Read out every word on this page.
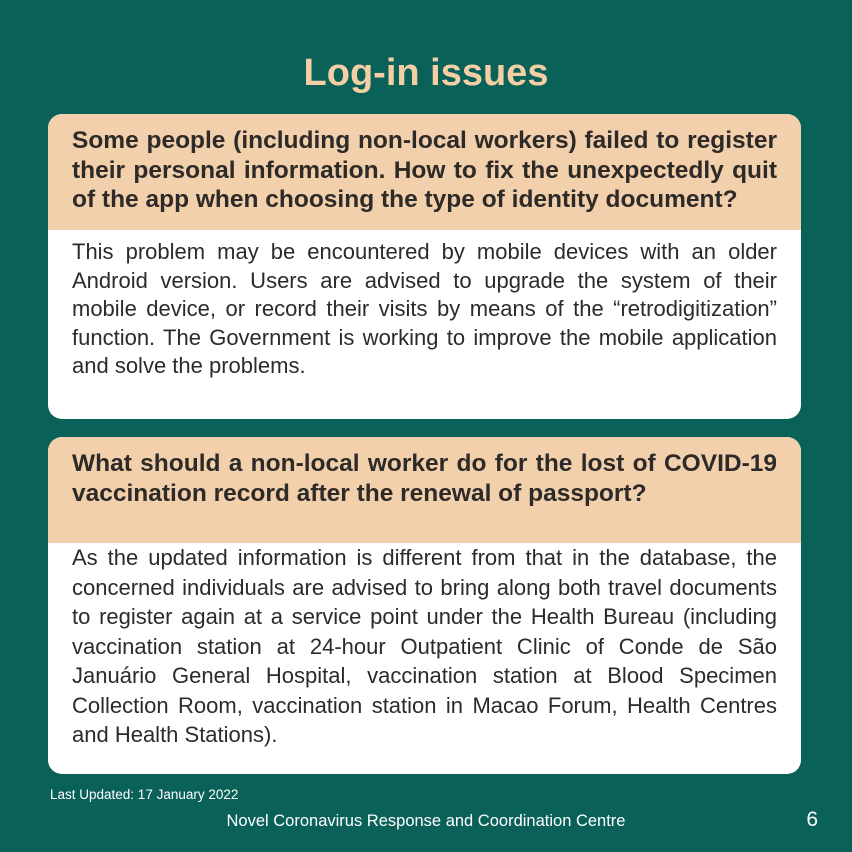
Log-in issues
Some people (including non-local workers) failed to register their personal information. How to fix the unexpectedly quit of the app when choosing the type of identity document?
This problem may be encountered by mobile devices with an older Android version. Users are advised to upgrade the system of their mobile device, or record their visits by means of the “retrodigitization” function. The Government is working to improve the mobile application and solve the problems.
What should a non-local worker do for the lost of COVID-19 vaccination record after the renewal of passport?
As the updated information is different from that in the database, the concerned individuals are advised to bring along both travel documents to register again at a service point under the Health Bureau (including vaccination station at 24-hour Outpatient Clinic of Conde de São Januário General Hospital, vaccination station at Blood Specimen Collection Room, vaccination station in Macao Forum, Health Centres and Health Stations).
Last Updated: 17 January 2022
Novel Coronavirus Response and Coordination Centre	6
